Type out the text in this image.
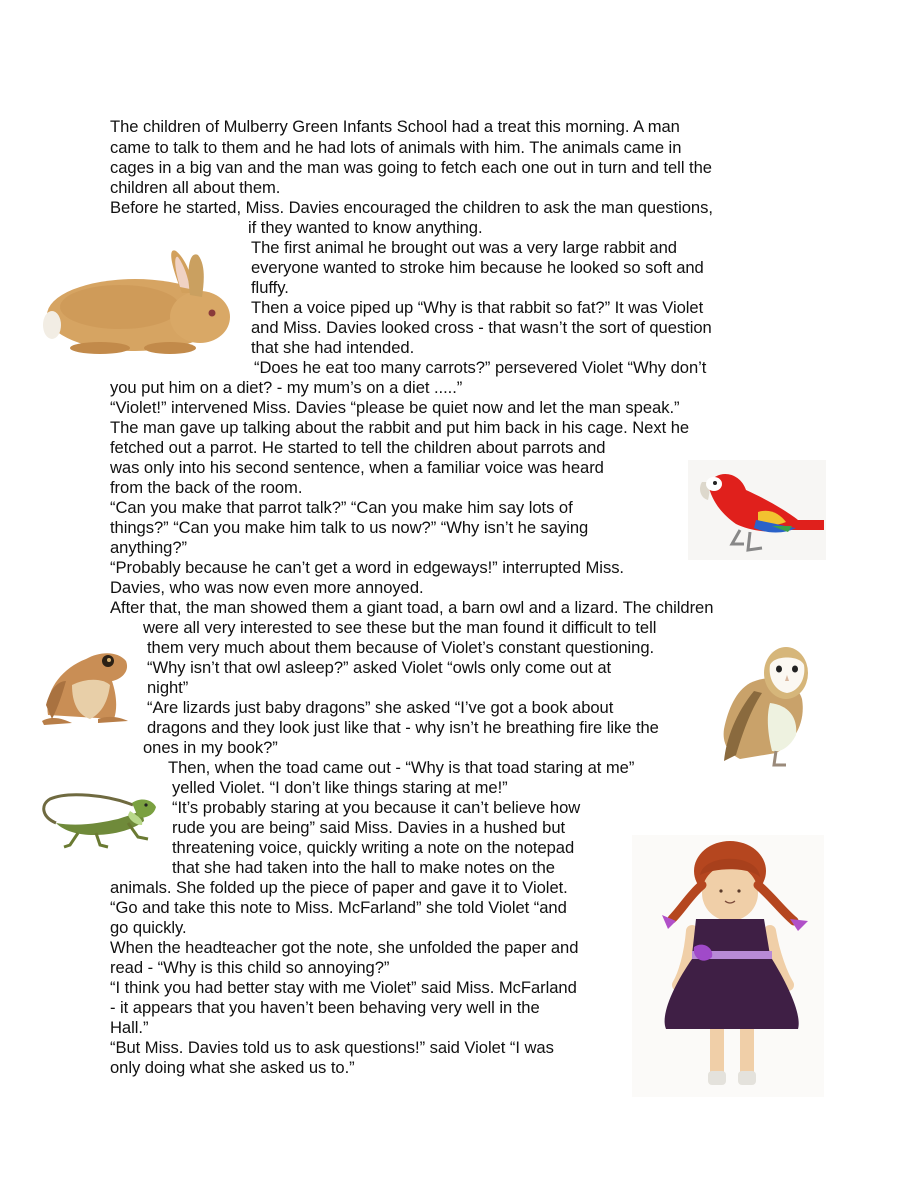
The children of Mulberry Green Infants School had a treat this morning. A man
came to talk to them and he had lots of animals with him. The animals came in
cages in a big van and the man was going to fetch each one out in turn and tell the
children all about them.
Before he started, Miss. Davies encouraged the children to ask the man questions,
if they wanted to know anything.
The first animal he brought out was a very large rabbit and
everyone wanted to stroke him because he looked so soft and
fluffy.
Then a voice piped up “Why is that rabbit so fat?” It was Violet
and Miss. Davies looked cross - that wasn’t the sort of question
that she had intended.
“Does he eat too many carrots?” persevered Violet “Why don’t
you put him on a diet? - my mum’s on a diet .....”
“Violet!” intervened Miss. Davies “please be quiet now and let the man speak.”
The man gave up talking about the rabbit and put him back in his cage. Next he
fetched out a parrot. He started to tell the children about parrots and
was only into his second sentence, when a familiar voice was heard
from the back of the room.
“Can you make that parrot talk?” “Can you make him say lots of
things?” “Can you make him talk to us now?” “Why isn’t he saying
anything?”
“Probably because he can’t get a word in edgeways!” interrupted Miss.
Davies, who was now even more annoyed.
After that, the man showed them a giant toad, a barn owl and a lizard. The children
were all very interested to see these but the man found it difficult to tell
them very much about them because of Violet’s constant questioning.
“Why isn’t that owl asleep?” asked Violet “owls only come out at
night”
“Are lizards just baby dragons” she asked “I’ve got a book about
dragons and they look just like that - why isn’t he breathing fire like the
ones in my book?”
Then, when the toad came out - “Why is that toad staring at me”
yelled Violet. “I don’t like things staring at me!”
“It’s probably staring at you because it can’t believe how
rude you are being” said Miss. Davies in a hushed but
threatening voice, quickly writing a note on the notepad
that she had taken into the hall to make notes on the
animals. She folded up the piece of paper and gave it to Violet.
“Go and take this note to Miss. McFarland” she told Violet “and
go quickly.
When the headteacher got the note, she unfolded the paper and
read - “Why is this child so annoying?”
“I think you had better stay with me Violet” said Miss. McFarland
- it appears that you haven’t been behaving very well in the
Hall.”
“But Miss. Davies told us to ask questions!” said Violet “I was
only doing what she asked us to.”
